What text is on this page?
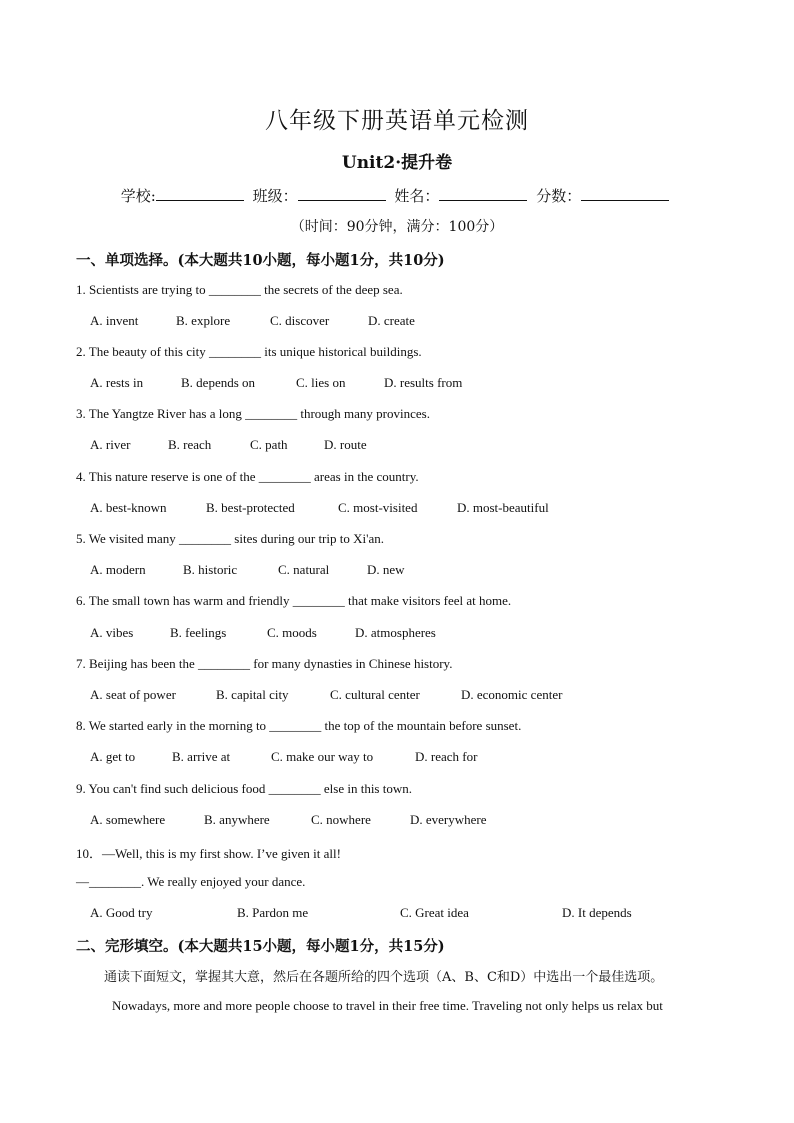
八年级下册英语单元检测
Unit2·提升卷
学校:	班级：	姓名：	分数：
（时间：90分钟，满分：100分）
一、单项选择。(本大题共10小题，每小题1分，共10分)
1. Scientists are trying to ________ the secrets of the deep sea.
A. invent	B. explore	C. discover	D. create
2. The beauty of this city ________ its unique historical buildings.
A. rests in	B. depends on	C. lies on	D. results from
3. The Yangtze River has a long ________ through many provinces.
A. river	B. reach	C. path	D. route
4. This nature reserve is one of the ________ areas in the country.
A. best-known	B. best-protected	C. most-visited	D. most-beautiful
5. We visited many ________ sites during our trip to Xi'an.
A. modern	B. historic	C. natural	D. new
6. The small town has warm and friendly ________ that make visitors feel at home.
A. vibes	B. feelings	C. moods	D. atmospheres
7. Beijing has been the ________ for many dynasties in Chinese history.
A. seat of power	B. capital city	C. cultural center	D. economic center
8. We started early in the morning to ________ the top of the mountain before sunset.
A. get to	B. arrive at	C. make our way to	D. reach for
9. You can't find such delicious food ________ else in this town.
A. somewhere	B. anywhere	C. nowhere	D. everywhere
10．—Well, this is my first show. I’ve given it all!
—________. We really enjoyed your dance.
A. Good try	B. Pardon me	C. Great idea	D. It depends
二、完形填空。(本大题共15小题，每小题1分，共15分)
通读下面短文，掌握其大意，然后在各题所给的四个选项（A、B、C和D）中选出一个最佳选项。
Nowadays, more and more people choose to travel in their free time. Traveling not only helps us relax but
